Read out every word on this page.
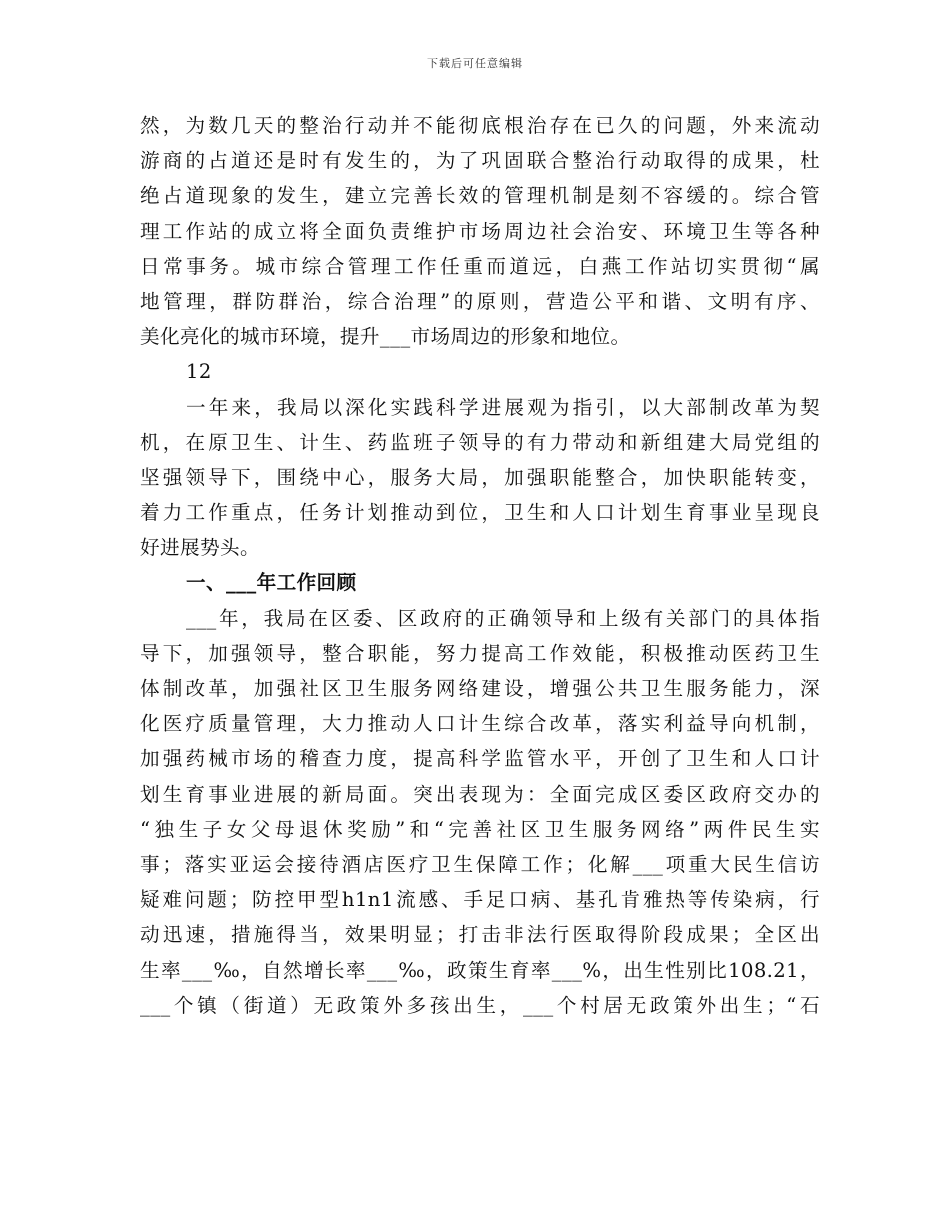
下载后可任意编辑
然，为数几天的整治行动并不能彻底根治存在已久的问题，外来流动
游商的占道还是时有发生的，为了巩固联合整治行动取得的成果，杜
绝占道现象的发生，建立完善长效的管理机制是刻不容缓的。综合管
理工作站的成立将全面负责维护市场周边社会治安、环境卫生等各种
日常事务。城市综合管理工作任重而道远，白燕工作站切实贯彻“属
地管理，群防群治，综合治理”的原则，营造公平和谐、文明有序、
美化亮化的城市环境，提升___市场周边的形象和地位。
12
一年来，我局以深化实践科学进展观为指引，以大部制改革为契
机，在原卫生、计生、药监班子领导的有力带动和新组建大局党组的
坚强领导下，围绕中心，服务大局，加强职能整合，加快职能转变，
着力工作重点，任务计划推动到位，卫生和人口计划生育事业呈现良
好进展势头。
一、___年工作回顾
___年，我局在区委、区政府的正确领导和上级有关部门的具体指
导下，加强领导，整合职能，努力提高工作效能，积极推动医药卫生
体制改革，加强社区卫生服务网络建设，增强公共卫生服务能力，深
化医疗质量管理，大力推动人口计生综合改革，落实利益导向机制，
加强药械市场的稽查力度，提高科学监管水平，开创了卫生和人口计
划生育事业进展的新局面。突出表现为：全面完成区委区政府交办的
“独生子女父母退休奖励”和“完善社区卫生服务网络”两件民生实
事；落实亚运会接待酒店医疗卫生保障工作；化解___项重大民生信访
疑难问题；防控甲型h1n1流感、手足口病、基孔肯雅热等传染病，行
动迅速，措施得当，效果明显；打击非法行医取得阶段成果；全区出
生率___‰，自然增长率___‰，政策生育率___%，出生性别比108.21，
___个镇（街道）无政策外多孩出生，___个村居无政策外出生；“石
